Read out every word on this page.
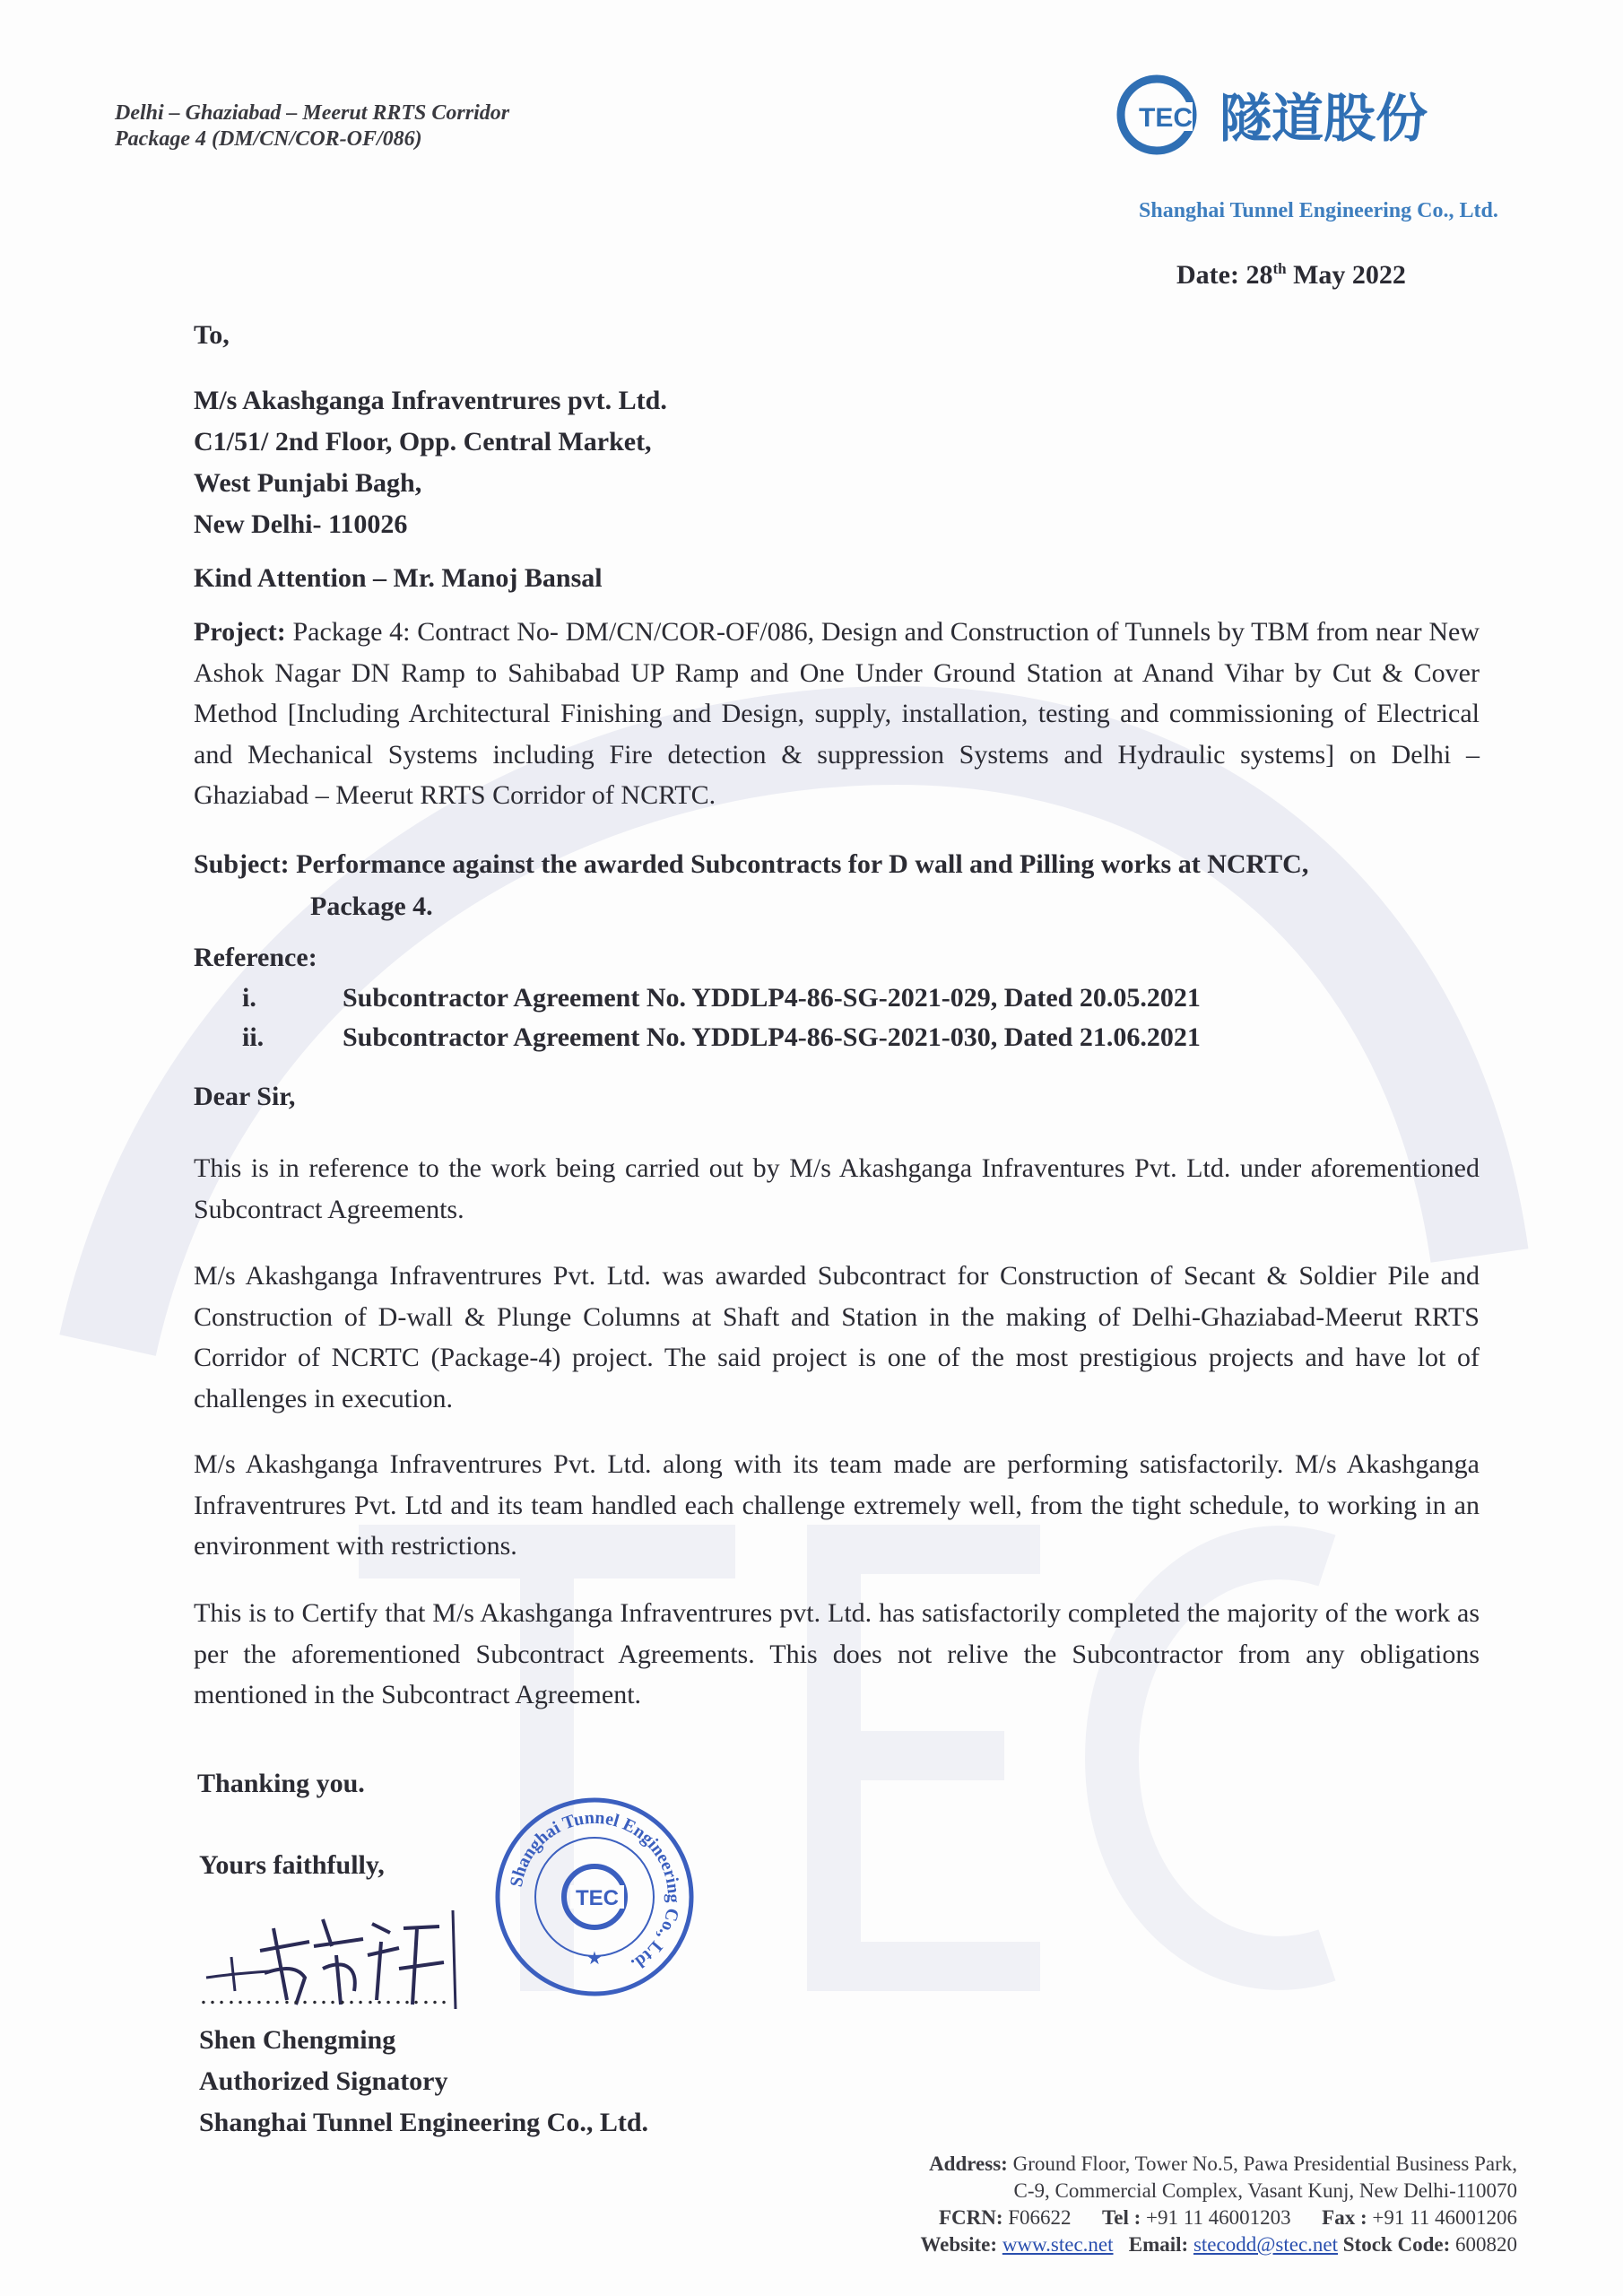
Delhi – Ghaziabad – Meerut RRTS Corridor
Package 4 (DM/CN/COR-OF/086)
TEC 隧道股份
Shanghai Tunnel Engineering Co., Ltd.
Date: 28th May 2022
To,
M/s Akashganga Infraventrures pvt. Ltd.
C1/51/ 2nd Floor, Opp. Central Market,
West Punjabi Bagh,
New Delhi- 110026
Kind Attention – Mr. Manoj Bansal
Project: Package 4: Contract No- DM/CN/COR-OF/086, Design and Construction of Tunnels by TBM from near New Ashok Nagar DN Ramp to Sahibabad UP Ramp and One Under Ground Station at Anand Vihar by Cut & Cover Method [Including Architectural Finishing and Design, supply, installation, testing and commissioning of Electrical and Mechanical Systems including Fire detection & suppression Systems and Hydraulic systems] on Delhi – Ghaziabad – Meerut RRTS Corridor of NCRTC.
Subject: Performance against the awarded Subcontracts for D wall and Pilling works at NCRTC,
Package 4.
Reference:
i.	Subcontractor Agreement No. YDDLP4-86-SG-2021-029, Dated 20.05.2021
ii.	Subcontractor Agreement No. YDDLP4-86-SG-2021-030, Dated 21.06.2021
Dear Sir,
This is in reference to the work being carried out by M/s Akashganga Infraventures Pvt. Ltd. under aforementioned Subcontract Agreements.
M/s Akashganga Infraventrures Pvt. Ltd. was awarded Subcontract for Construction of Secant & Soldier Pile and Construction of D-wall & Plunge Columns at Shaft and Station in the making of Delhi-Ghaziabad-Meerut RRTS Corridor of NCRTC (Package-4) project. The said project is one of the most prestigious projects and have lot of challenges in execution.
M/s Akashganga Infraventrures Pvt. Ltd. along with its team made are performing satisfactorily. M/s Akashganga Infraventrures Pvt. Ltd and its team handled each challenge extremely well, from the tight schedule, to working in an environment with restrictions.
This is to Certify that M/s Akashganga Infraventrures pvt. Ltd. has satisfactorily completed the majority of the work as per the aforementioned Subcontract Agreements. This does not relive the Subcontractor from any obligations mentioned in the Subcontract Agreement.
Thanking you.
Yours faithfully,
………………………
Shen Chengming
Authorized Signatory
Shanghai Tunnel Engineering Co., Ltd.
Shanghai Tunnel Engineering Co., Ltd.
TEC
★
Address: Ground Floor, Tower No.5, Pawa Presidential Business Park,
C-9, Commercial Complex, Vasant Kunj, New Delhi-110070
FCRN: F06622 Tel : +91 11 46001203 Fax : +91 11 46001206
Website: www.stec.net Email: stecodd@stec.net Stock Code: 600820
